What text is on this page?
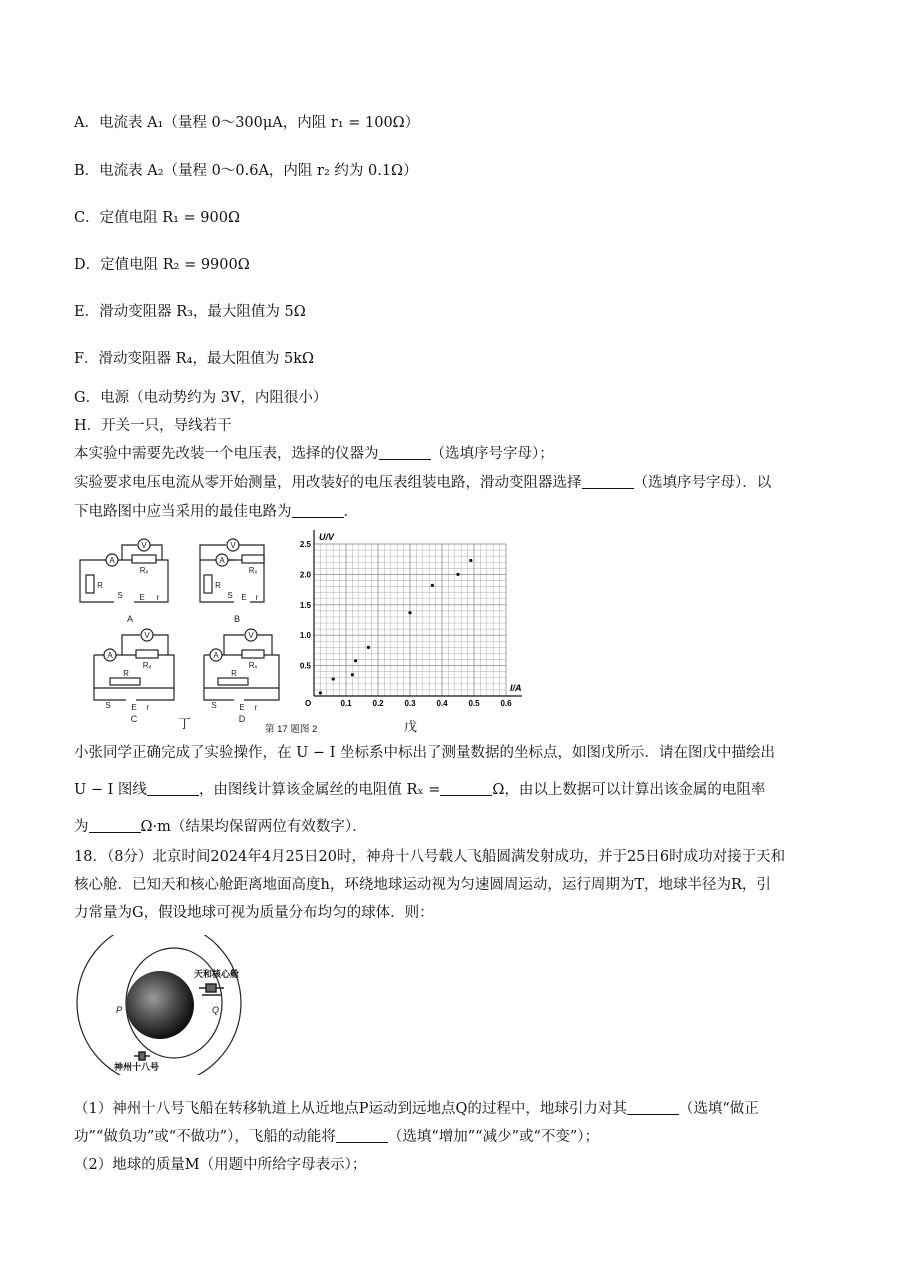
A．电流表 A₁（量程 0～300μA，内阻 r₁ = 100Ω）
B．电流表 A₂（量程 0～0.6A，内阻 r₂ 约为 0.1Ω）
C．定值电阻 R₁ = 900Ω
D．定值电阻 R₂ = 9900Ω
E．滑动变阻器 R₃，最大阻值为 5Ω
F．滑动变阻器 R₄，最大阻值为 5kΩ
G．电源（电动势约为 3V，内阻很小）
H．开关一只，导线若干
本实验中需要先改装一个电压表，选择的仪器为	（选填序号字母）；
实验要求电压电流从零开始测量，用改装好的电压表组装电路，滑动变阻器选择	（选填序号字母）．以
下电路图中应当采用的最佳电路为	．
A
V
Rₓ
R
S E r
A
A
V
Rₓ
R
S E r
B
A
V
Rₓ
R
S	E r
C
A
V
Rₓ
R
S	E r
D
I/A
U/V
O	0.1	0.2	0.3	0.4	0.5	0.6
0.5
1.0
1.5
2.0
2.5
丁	第 17 题图 2	戊
小张同学正确完成了实验操作，在 U − I 坐标系中标出了测量数据的坐标点，如图戊所示．请在图戊中描绘出
U − I 图线	，由图线计算该金属丝的电阻值 Rₓ =	Ω，由以上数据可以计算出该金属的电阻率
为	Ω·m（结果均保留两位有效数字）．
18．（8分）北京时间2024年4月25日20时，神舟十八号载人飞船圆满发射成功，并于25日6时成功对接于天和
核心舱．已知天和核心舱距离地面高度h，环绕地球运动视为匀速圆周运动，运行周期为T，地球半径为R，引
力常量为G，假设地球可视为质量分布均匀的球体．则：
天和核心舱
神州十八号
P	Q
（1）神州十八号飞船在转移轨道上从近地点P运动到远地点Q的过程中，地球引力对其	（选填“做正
功”“做负功”或“不做功”），飞船的动能将	（选填“增加”“减少”或“不变”）；
（2）地球的质量M（用题中所给字母表示）；
